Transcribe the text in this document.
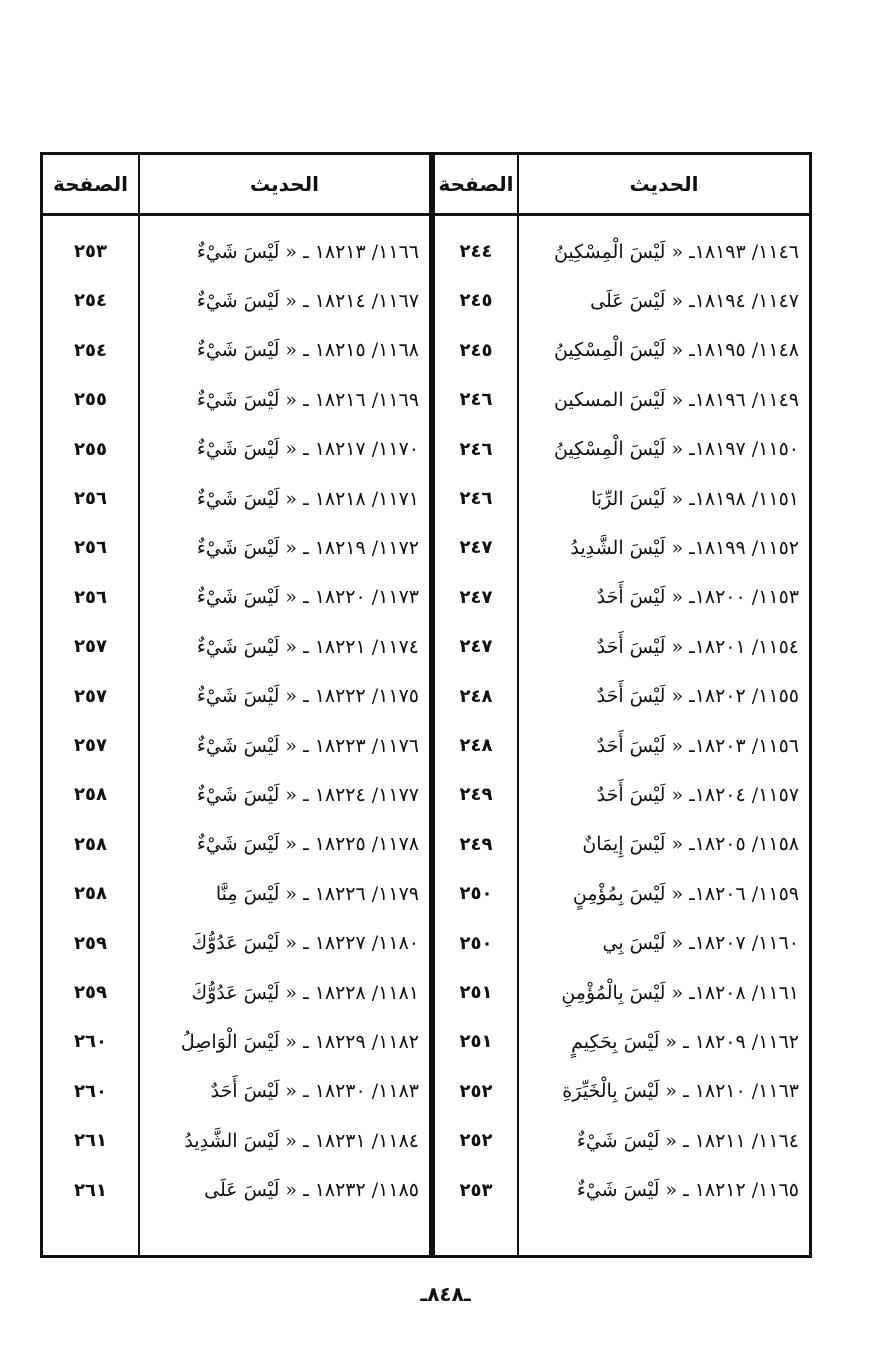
الحديث
الصفحة
الحديث
الصفحة
١١٤٦/ ١٨١٩٣ـ « لَيْسَ الْمِسْكِينُ
٢٤٤
١١٦٦/ ١٨٢١٣ ـ « لَيْسَ شَيْءٌ
٢٥٣
١١٤٧/ ١٨١٩٤ـ « لَيْسَ عَلَى
٢٤٥
١١٦٧/ ١٨٢١٤ ـ « لَيْسَ شَيْءٌ
٢٥٤
١١٤٨/ ١٨١٩٥ـ « لَيْسَ الْمِسْكِينُ
٢٤٥
١١٦٨/ ١٨٢١٥ ـ « لَيْسَ شَيْءٌ
٢٥٤
١١٤٩/ ١٨١٩٦ـ « لَيْسَ المسكين
٢٤٦
١١٦٩/ ١٨٢١٦ ـ « لَيْسَ شَيْءٌ
٢٥٥
١١٥٠/ ١٨١٩٧ـ « لَيْسَ الْمِسْكِينُ
٢٤٦
١١٧٠/ ١٨٢١٧ ـ « لَيْسَ شَيْءٌ
٢٥٥
١١٥١/ ١٨١٩٨ـ « لَيْسَ الرِّبَا
٢٤٦
١١٧١/ ١٨٢١٨ ـ « لَيْسَ شَيْءٌ
٢٥٦
١١٥٢/ ١٨١٩٩ـ « لَيْسَ الشَّدِيدُ
٢٤٧
١١٧٢/ ١٨٢١٩ ـ « لَيْسَ شَيْءٌ
٢٥٦
١١٥٣/ ١٨٢٠٠ـ « لَيْسَ أَحَدٌ
٢٤٧
١١٧٣/ ١٨٢٢٠ ـ « لَيْسَ شَيْءٌ
٢٥٦
١١٥٤/ ١٨٢٠١ـ « لَيْسَ أَحَدٌ
٢٤٧
١١٧٤/ ١٨٢٢١ ـ « لَيْسَ شَيْءٌ
٢٥٧
١١٥٥/ ١٨٢٠٢ـ « لَيْسَ أَحَدٌ
٢٤٨
١١٧٥/ ١٨٢٢٢ ـ « لَيْسَ شَيْءٌ
٢٥٧
١١٥٦/ ١٨٢٠٣ـ « لَيْسَ أَحَدٌ
٢٤٨
١١٧٦/ ١٨٢٢٣ ـ « لَيْسَ شَيْءٌ
٢٥٧
١١٥٧/ ١٨٢٠٤ـ « لَيْسَ أَحَدٌ
٢٤٩
١١٧٧/ ١٨٢٢٤ ـ « لَيْسَ شَيْءٌ
٢٥٨
١١٥٨/ ١٨٢٠٥ـ « لَيْسَ إِيمَانٌ
٢٤٩
١١٧٨/ ١٨٢٢٥ ـ « لَيْسَ شَيْءٌ
٢٥٨
١١٥٩/ ١٨٢٠٦ـ « لَيْسَ بِمُؤْمِنٍ
٢٥٠
١١٧٩/ ١٨٢٢٦ ـ « لَيْسَ مِنَّا
٢٥٨
١١٦٠/ ١٨٢٠٧ـ « لَيْسَ بِي
٢٥٠
١١٨٠/ ١٨٢٢٧ ـ « لَيْسَ عَدُوُّكَ
٢٥٩
١١٦١/ ١٨٢٠٨ـ « لَيْسَ بِالْمُؤْمِنِ
٢٥١
١١٨١/ ١٨٢٢٨ ـ « لَيْسَ عَدُوُّكَ
٢٥٩
١١٦٢/ ١٨٢٠٩ ـ « لَيْسَ بِحَكِيمٍ
٢٥١
١١٨٢/ ١٨٢٢٩ ـ « لَيْسَ الْوَاصِلُ
٢٦٠
١١٦٣/ ١٨٢١٠ ـ « لَيْسَ بِالْخَيِّرَةِ
٢٥٢
١١٨٣/ ١٨٢٣٠ ـ « لَيْسَ أَحَدٌ
٢٦٠
١١٦٤/ ١٨٢١١ ـ « لَيْسَ شَيْءٌ
٢٥٢
١١٨٤/ ١٨٢٣١ ـ « لَيْسَ الشَّدِيدُ
٢٦١
١١٦٥/ ١٨٢١٢ ـ « لَيْسَ شَيْءٌ
٢٥٣
١١٨٥/ ١٨٢٣٢ ـ « لَيْسَ عَلَى
٢٦١
ـ٨٤٨ـ
